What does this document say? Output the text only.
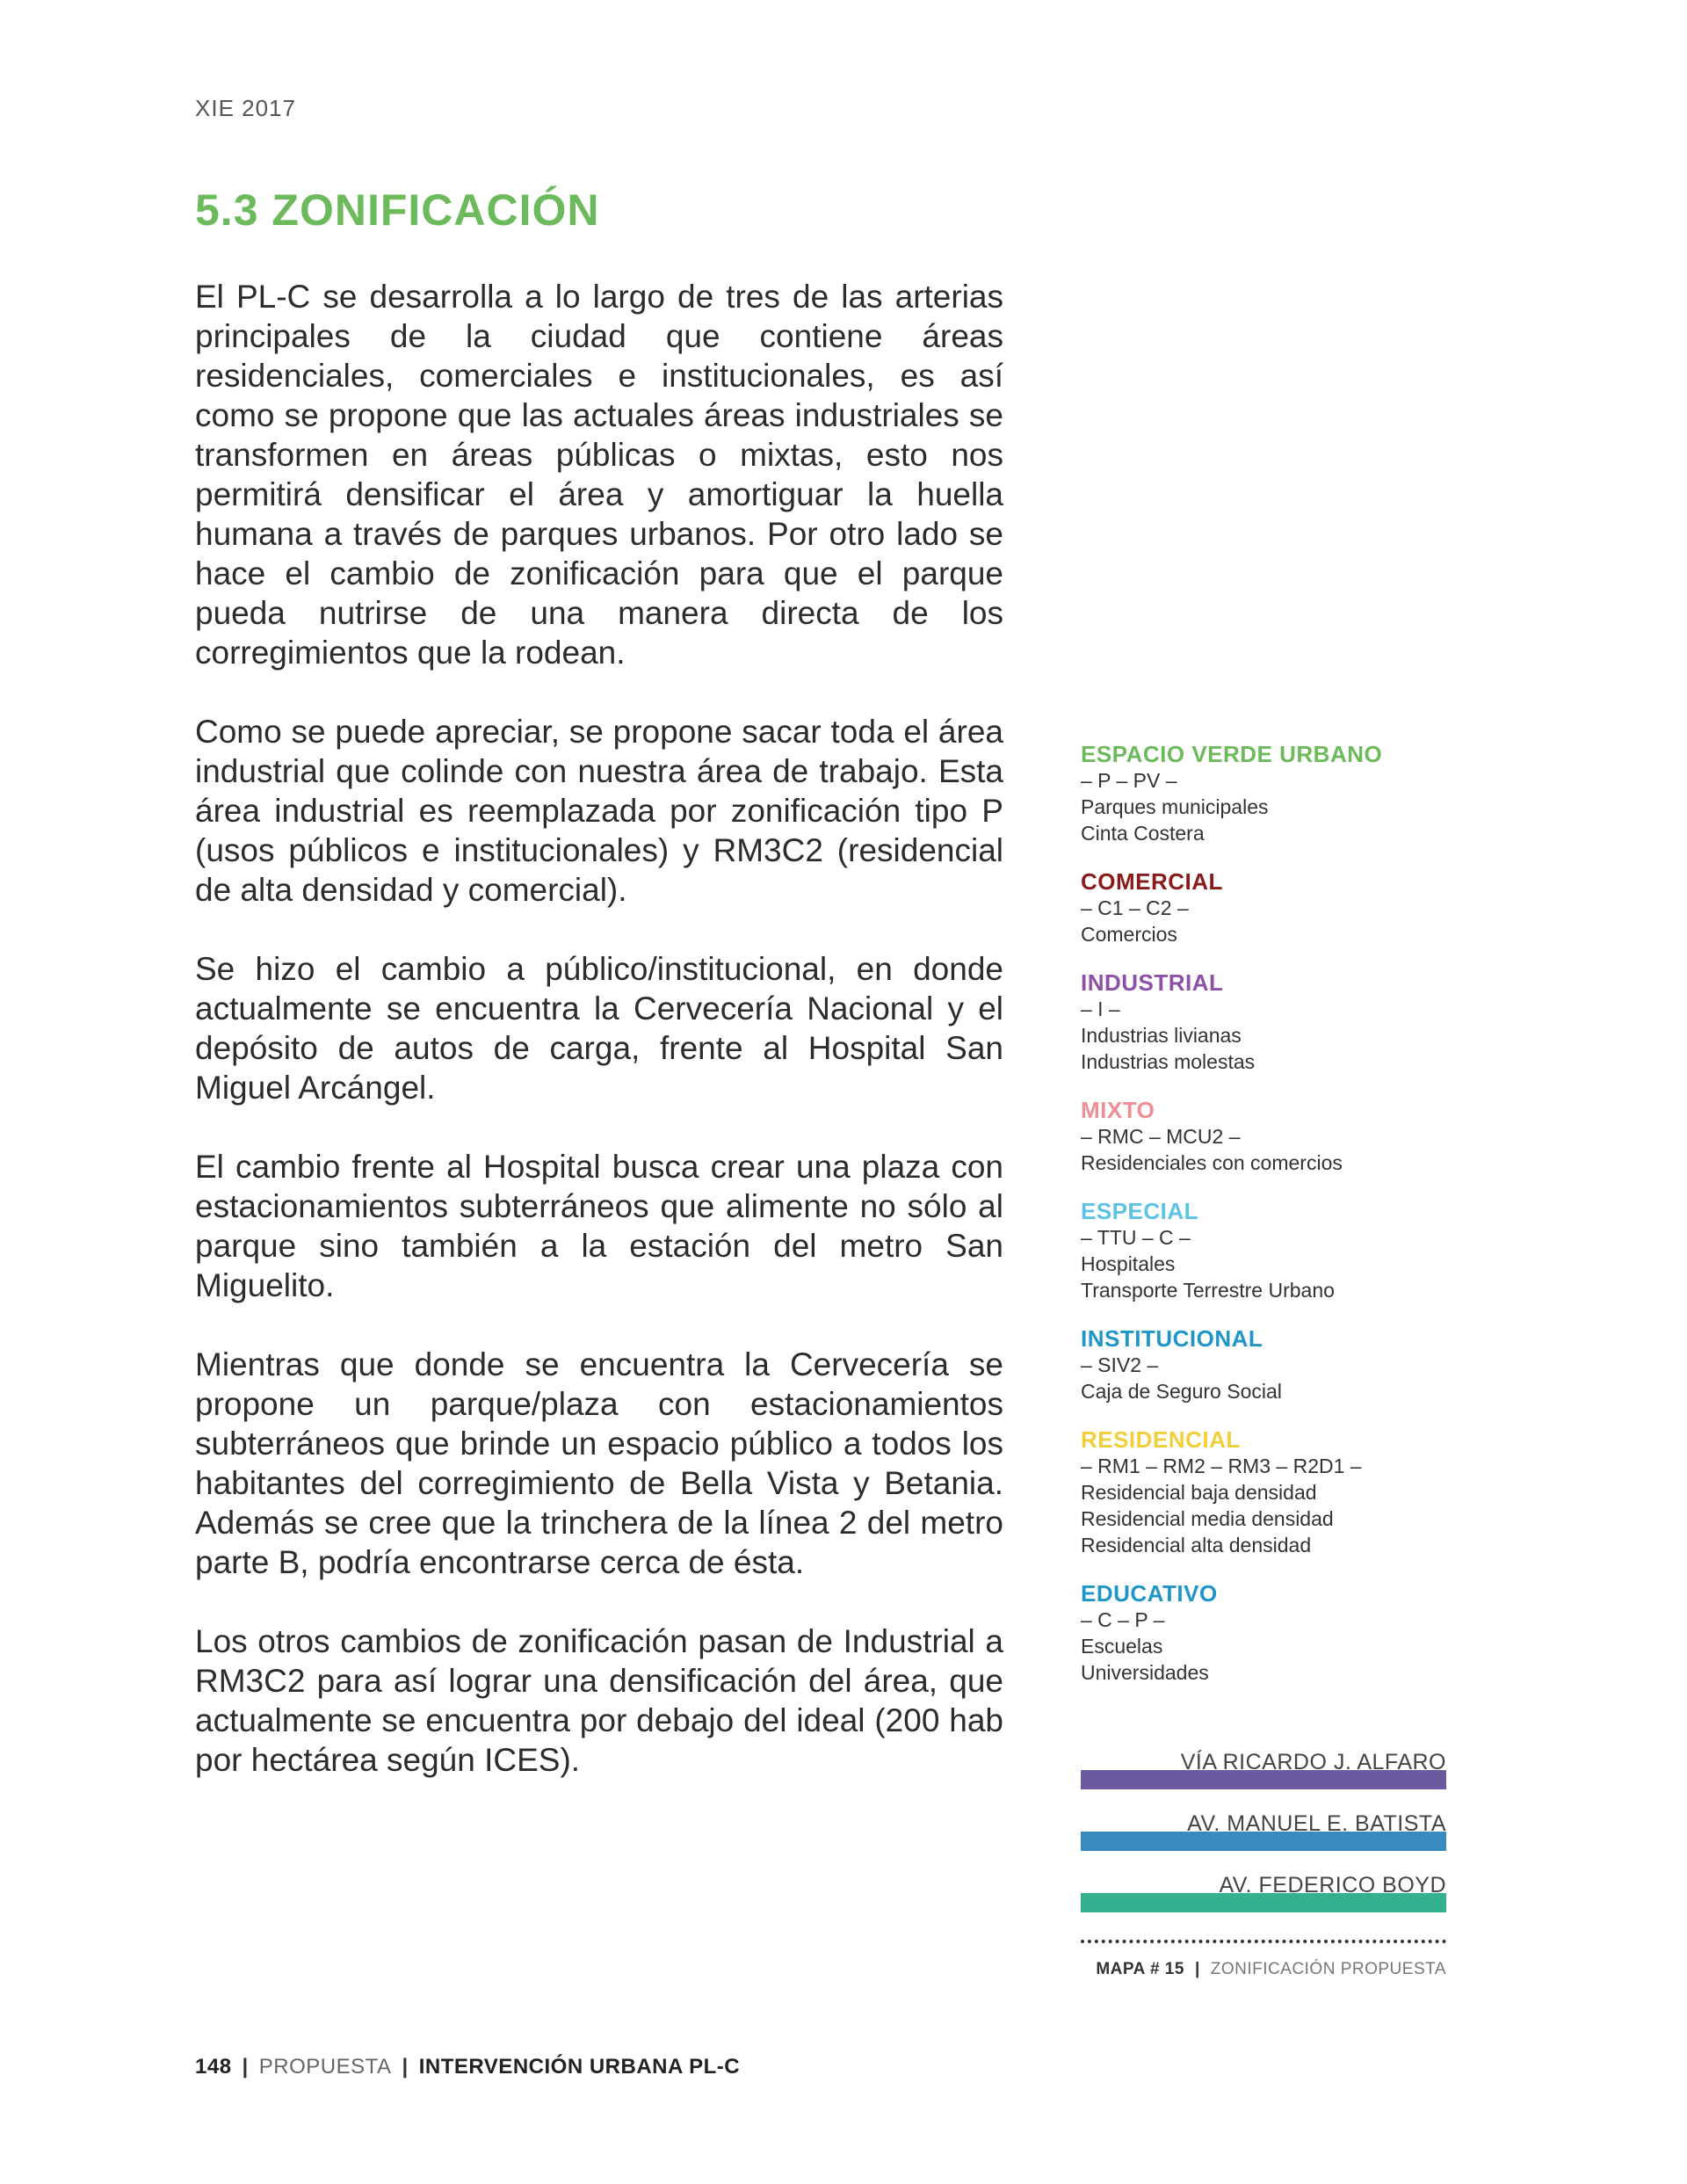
XIE 2017
5.3 ZONIFICACIÓN

El PL-C se desarrolla a lo largo de tres de las arterias principales de la ciudad que contiene áreas residenciales, comerciales e institucionales, es así como se propone que las actuales áreas industriales se transformen en áreas públicas o mixtas, esto nos permitirá densificar el área y amortiguar la huella humana a través de parques urbanos. Por otro lado se hace el cambio de zonificación para que el parque pueda nutrirse de una manera directa de los corregimientos que la rodean.

Como se puede apreciar, se propone sacar toda el área industrial que colinde con nuestra área de trabajo. Esta área industrial es reemplazada por zonificación tipo P (usos públicos e institucionales) y RM3C2 (residencial de alta densidad y comercial).

Se hizo el cambio a público/institucional, en donde actualmente se encuentra la Cervecería Nacional y el depósito de autos de carga, frente al Hospital San Miguel Arcángel.

El cambio frente al Hospital busca crear una plaza con estacionamientos subterráneos que alimente no sólo al parque sino también a la estación del metro San Miguelito.

Mientras que donde se encuentra la Cervecería se propone un parque/plaza con estacionamientos subterráneos que brinde un espacio público a todos los habitantes del corregimiento de Bella Vista y Betania. Además se cree que la trinchera de la línea 2 del metro parte B, podría encontrarse cerca de ésta.

Los otros cambios de zonificación pasan de Industrial a RM3C2 para así lograr una densificación del área, que actualmente se encuentra por debajo del ideal (200 hab por hectárea según ICES).

ESPACIO VERDE URBANO
– P – PV –
Parques municipales
Cinta Costera
COMERCIAL
– C1 – C2 –
Comercios
INDUSTRIAL
– I –
Industrias livianas
Industrias molestas
MIXTO
– RMC – MCU2 –
Residenciales con comercios
ESPECIAL
– TTU – C –
Hospitales
Transporte Terrestre Urbano
INSTITUCIONAL
– SIV2 –
Caja de Seguro Social
RESIDENCIAL
– RM1 – RM2 – RM3 – R2D1 –
Residencial baja densidad
Residencial media densidad
Residencial alta densidad
EDUCATIVO
– C – P –
Escuelas
Universidades
VÍA RICARDO J. ALFARO
AV. MANUEL E. BATISTA
AV. FEDERICO BOYD
MAPA # 15 | ZONIFICACIÓN PROPUESTA
148 | PROPUESTA | INTERVENCIÓN URBANA PL-C
